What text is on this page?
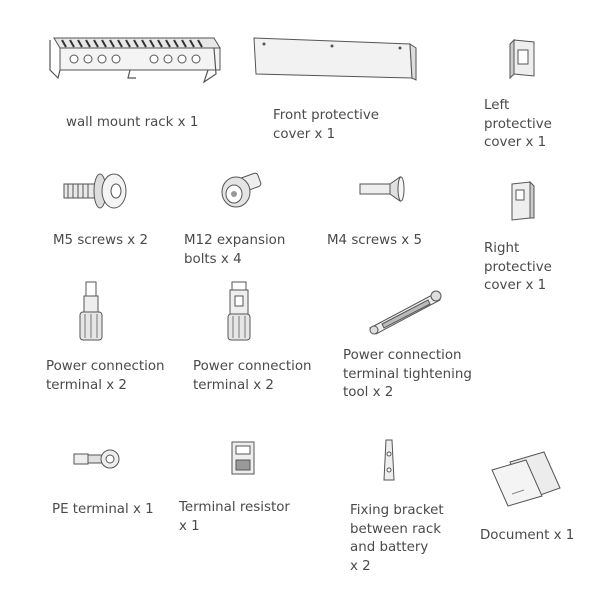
wall mount rack x 1	Front protective
cover x 1
Left
protective
cover x 1
M5 screws x 2	M12 expansion
bolts x 4
M4 screws x 5
Right
protective
cover x 1
Power connection
terminal x 2
Power connection
terminal x 2
Power connection
terminal tightening
tool x 2
PE terminal x 1 Terminal resistor
x 1
Fixing bracket
between rack
and battery
x 2
Document x 1
